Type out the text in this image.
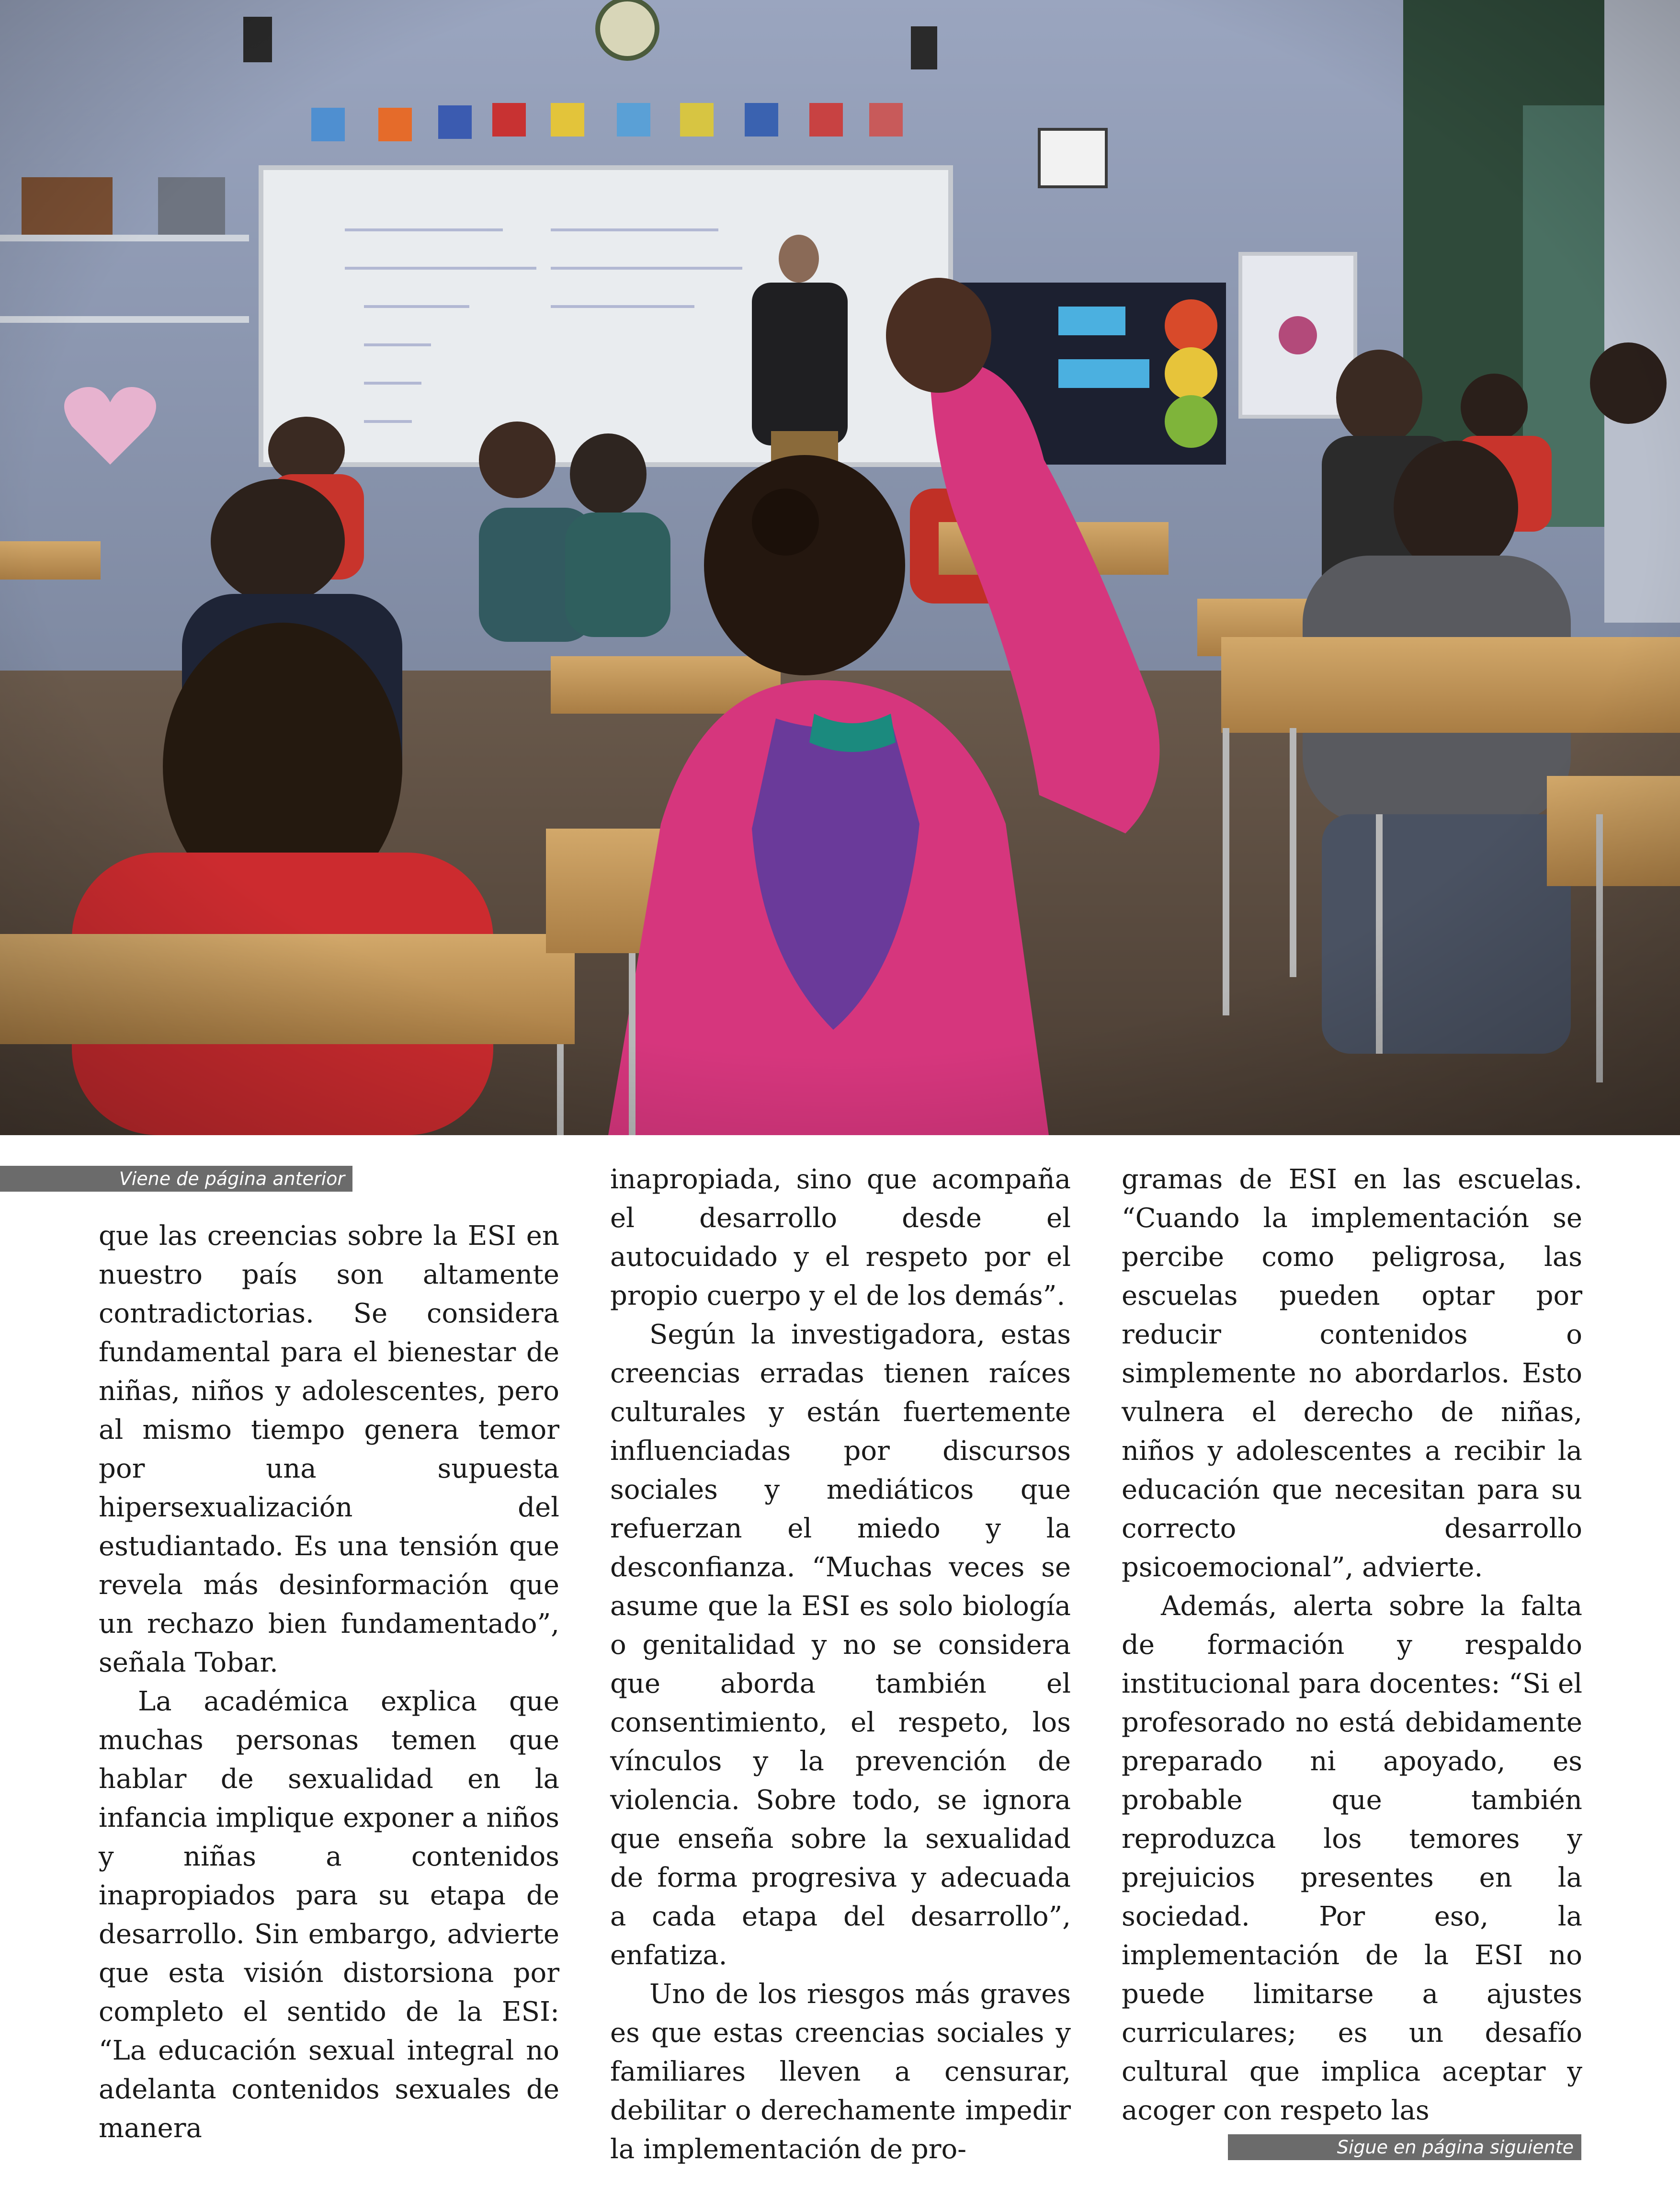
Viene de página anterior
Sigue en página siguiente

que las creencias sobre la ESI en nuestro país son altamente contradictorias. Se considera fundamental para el bienestar de niñas, niños y adolescentes, pero al mismo tiempo genera temor por una supuesta hipersexualización del estudiantado. Es una tensión que revela más desinformación que un rechazo bien fundamentado”, señala Tobar.

La académica explica que muchas personas temen que hablar de sexualidad en la infancia implique exponer a niños y niñas a contenidos inapropiados para su etapa de desarrollo. Sin embargo, advierte que esta visión distorsiona por completo el sentido de la ESI: “La educación sexual integral no adelanta contenidos sexuales de manera

inapropiada, sino que acompaña el desarrollo desde el autocuidado y el respeto por el propio cuerpo y el de los demás”.

Según la investigadora, estas creencias erradas tienen raíces culturales y están fuertemente influenciadas por discursos sociales y mediáticos que refuerzan el miedo y la desconfianza. “Muchas veces se asume que la ESI es solo biología o genitalidad y no se considera que aborda también el consentimiento, el respeto, los vínculos y la prevención de violencia. Sobre todo, se ignora que enseña sobre la sexualidad de forma progresiva y adecuada a cada etapa del desarrollo”, enfatiza.

Uno de los riesgos más graves es que estas creencias sociales y familiares lleven a censurar, debilitar o derechamente impedir la implementación de pro-

gramas de ESI en las escuelas. “Cuando la implementación se percibe como peligrosa, las escuelas pueden optar por reducir contenidos o simplemente no abordarlos. Esto vulnera el derecho de niñas, niños y adolescentes a recibir la educación que necesitan para su correcto desarrollo psicoemocional”, advierte.

Además, alerta sobre la falta de formación y respaldo institucional para docentes: “Si el profesorado no está debidamente preparado ni apoyado, es probable que también reproduzca los temores y prejuicios presentes en la sociedad. Por eso, la implementación de la ESI no puede limitarse a ajustes curriculares; es un desafío cultural que implica aceptar y acoger con respeto las
